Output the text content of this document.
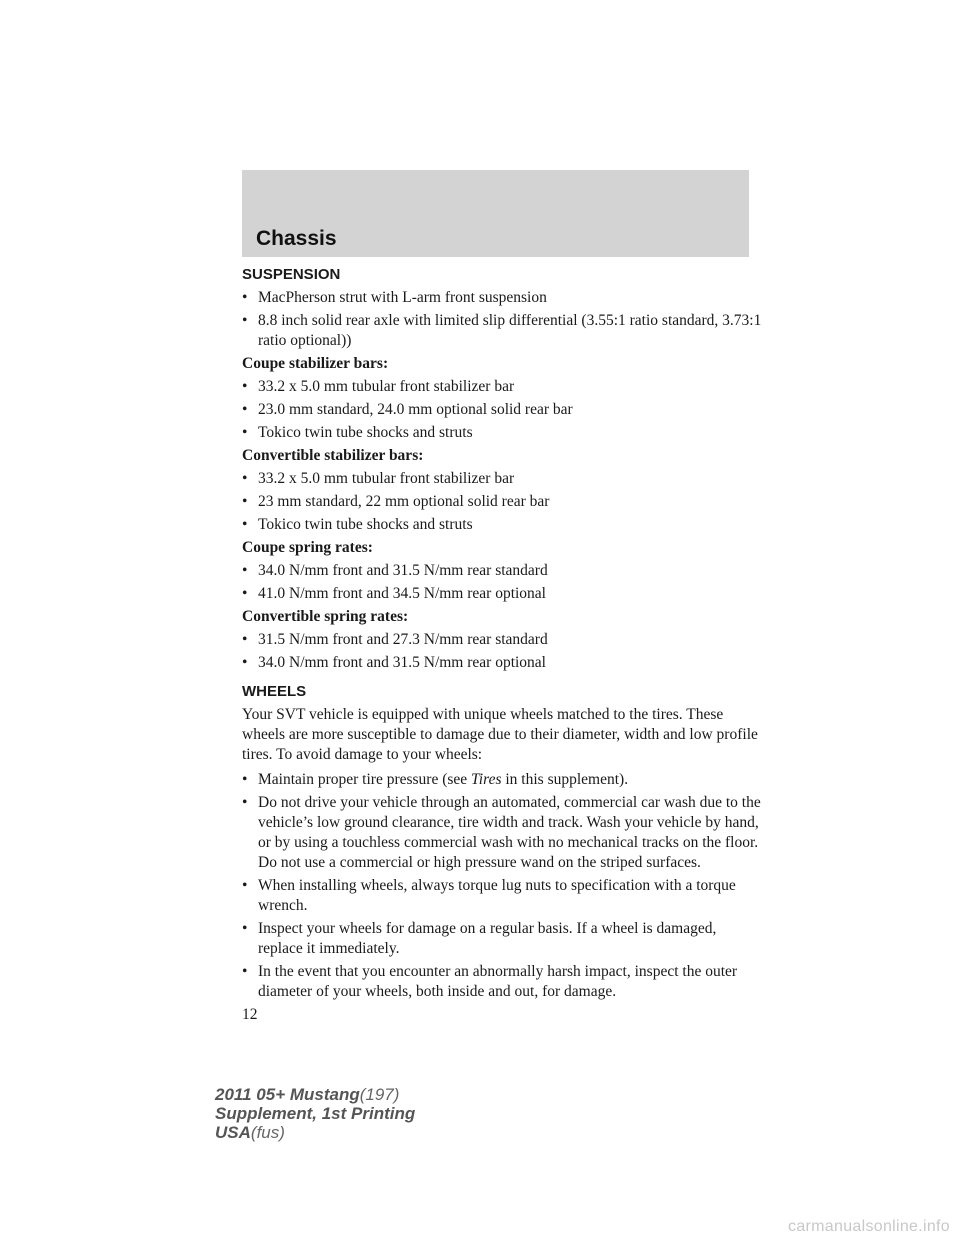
Chassis
SUSPENSION
• MacPherson strut with L-arm front suspension
• 8.8 inch solid rear axle with limited slip differential (3.55:1 ratio standard, 3.73:1 ratio optional))
Coupe stabilizer bars:
• 33.2 x 5.0 mm tubular front stabilizer bar
• 23.0 mm standard, 24.0 mm optional solid rear bar
• Tokico twin tube shocks and struts
Convertible stabilizer bars:
• 33.2 x 5.0 mm tubular front stabilizer bar
• 23 mm standard, 22 mm optional solid rear bar
• Tokico twin tube shocks and struts
Coupe spring rates:
• 34.0 N/mm front and 31.5 N/mm rear standard
• 41.0 N/mm front and 34.5 N/mm rear optional
Convertible spring rates:
• 31.5 N/mm front and 27.3 N/mm rear standard
• 34.0 N/mm front and 31.5 N/mm rear optional
WHEELS

Your SVT vehicle is equipped with unique wheels matched to the tires. These wheels are more susceptible to damage due to their diameter, width and low profile tires. To avoid damage to your wheels:

• Maintain proper tire pressure (see Tires in this supplement).
• Do not drive your vehicle through an automated, commercial car wash due to the vehicle’s low ground clearance, tire width and track. Wash your vehicle by hand, or by using a touchless commercial wash with no mechanical tracks on the floor. Do not use a commercial or high pressure wand on the striped surfaces.
• When installing wheels, always torque lug nuts to specification with a torque wrench.
• Inspect your wheels for damage on a regular basis. If a wheel is damaged, replace it immediately.
• In the event that you encounter an abnormally harsh impact, inspect the outer diameter of your wheels, both inside and out, for damage.
12
2011 05+ Mustang(197)
Supplement, 1st Printing
USA(fus)
carmanualsonline.info
